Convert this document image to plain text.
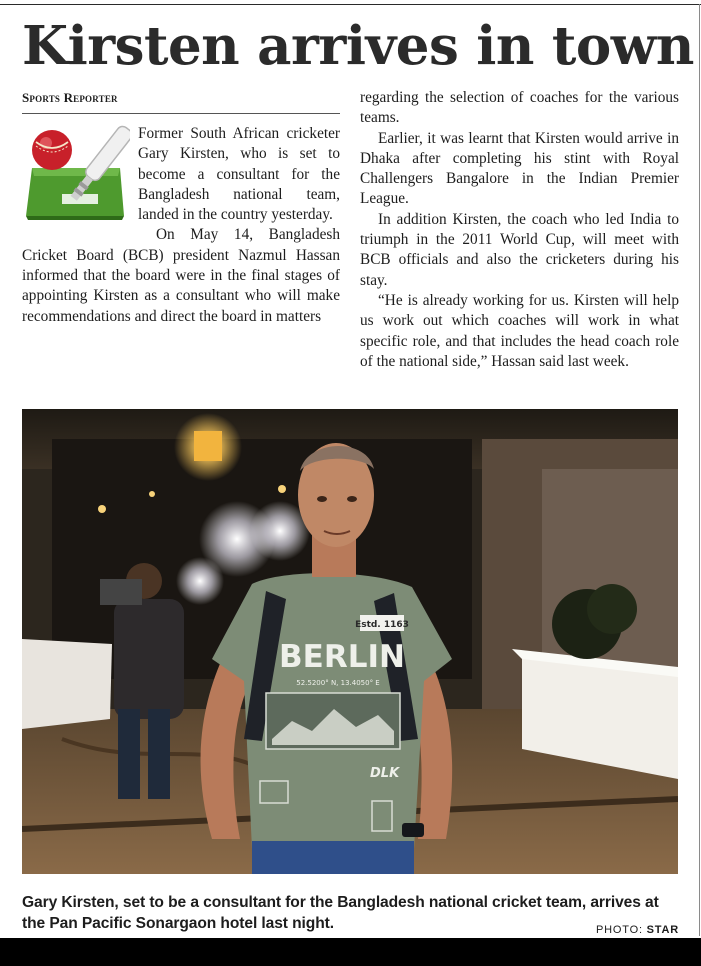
Kirsten arrives in town
Sports Reporter

Former South African cricketer Gary Kirsten, who is set to become a consultant for the Bangladesh national team, landed in the country yesterday.

On May 14, Bangladesh Cricket Board (BCB) president Nazmul Hassan informed that the board were in the final stages of appointing Kirsten as a consultant who will make recommendations and direct the board in matters

regarding the selection of coaches for the various teams.

Earlier, it was learnt that Kirsten would arrive in Dhaka after completing his stint with Royal Challengers Bangalore in the Indian Premier League.

In addition Kirsten, the coach who led India to triumph in the 2011 World Cup, will meet with BCB officials and also the cricketers during his stay.

“He is already working for us. Kirsten will help us work out which coaches will work in what specific role, and that includes the head coach role of the national side,” Hassan said last week.

Estd. 1163
BERLIN
52.5200° N, 13.4050° E
DLK
Gary Kirsten, set to be a consultant for the Bangladesh national cricket team, arrives at the Pan Pacific Sonargaon hotel last night.	PHOTO: STAR
